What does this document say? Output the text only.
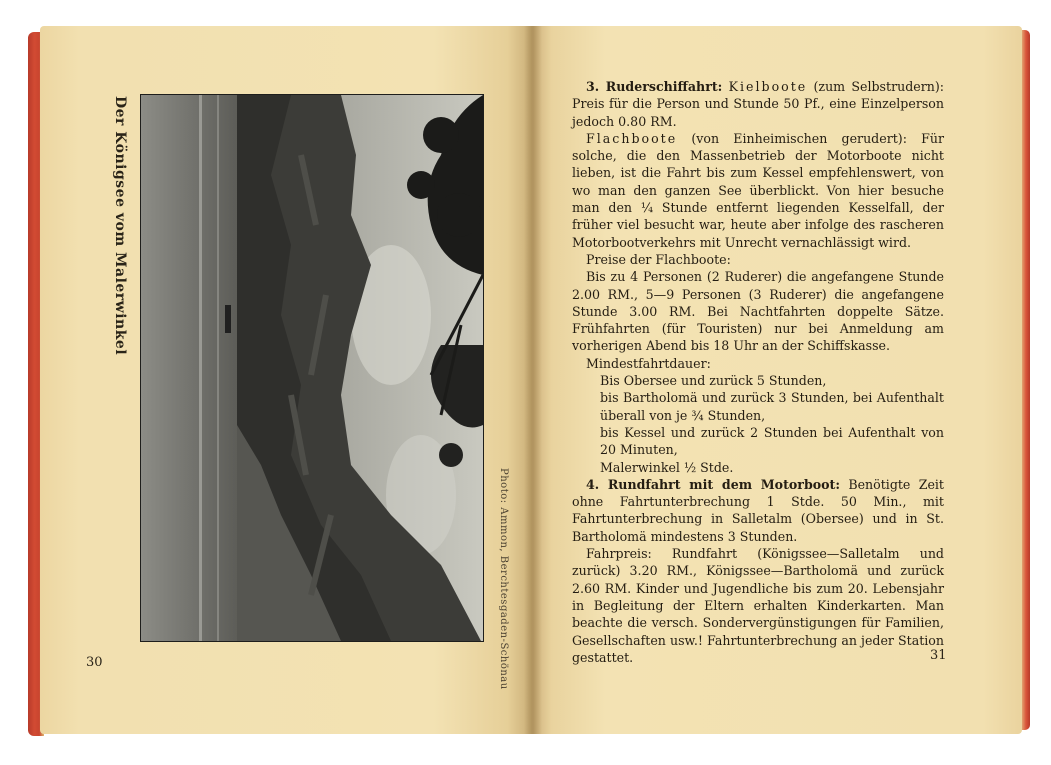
Der Königsee vom Malerwinkel
Photo: Ammon, Berchtesgaden-Schönau
30	31

3. Ruderschiffahrt: Kielboote (zum Selbstrudern): Preis für die Person und Stunde 50 Pf., eine Einzelperson jedoch 0.80 RM.

Flachboote (von Einheimischen gerudert): Für solche, die den Massenbetrieb der Motorboote nicht lieben, ist die Fahrt bis zum Kessel empfehlenswert, von wo man den ganzen See überblickt. Von hier besuche man den ¼ Stunde entfernt liegenden Kesselfall, der früher viel besucht war, heute aber infolge des rascheren Motorbootverkehrs mit Unrecht vernachlässigt wird.

Preise der Flachboote:

Bis zu 4 Personen (2 Ruderer) die angefangene Stunde 2.00 RM., 5—9 Personen (3 Ruderer) die angefangene Stunde 3.00 RM. Bei Nachtfahrten doppelte Sätze. Frühfahrten (für Touristen) nur bei Anmeldung am vorherigen Abend bis 18 Uhr an der Schiffskasse.

Mindestfahrtdauer:

Bis Obersee und zurück 5 Stunden,

bis Bartholomä und zurück 3 Stunden, bei Aufenthalt überall von je ¾ Stunden,

bis Kessel und zurück 2 Stunden bei Aufenthalt von 20 Minuten,

Malerwinkel ½ Stde.

4. Rundfahrt mit dem Motorboot: Benötigte Zeit ohne Fahrtunterbrechung 1 Stde. 50 Min., mit Fahrtunterbrechung in Salletalm (Obersee) und in St. Bartholomä mindestens 3 Stunden.

Fahrpreis: Rundfahrt (Königssee—Salletalm und zurück) 3.20 RM., Königssee—Bartholomä und zurück 2.60 RM. Kinder und Jugendliche bis zum 20. Lebensjahr in Begleitung der Eltern erhalten Kinderkarten. Man beachte die versch. Sondervergünstigungen für Familien, Gesellschaften usw.! Fahrtunterbrechung an jeder Station gestattet.
